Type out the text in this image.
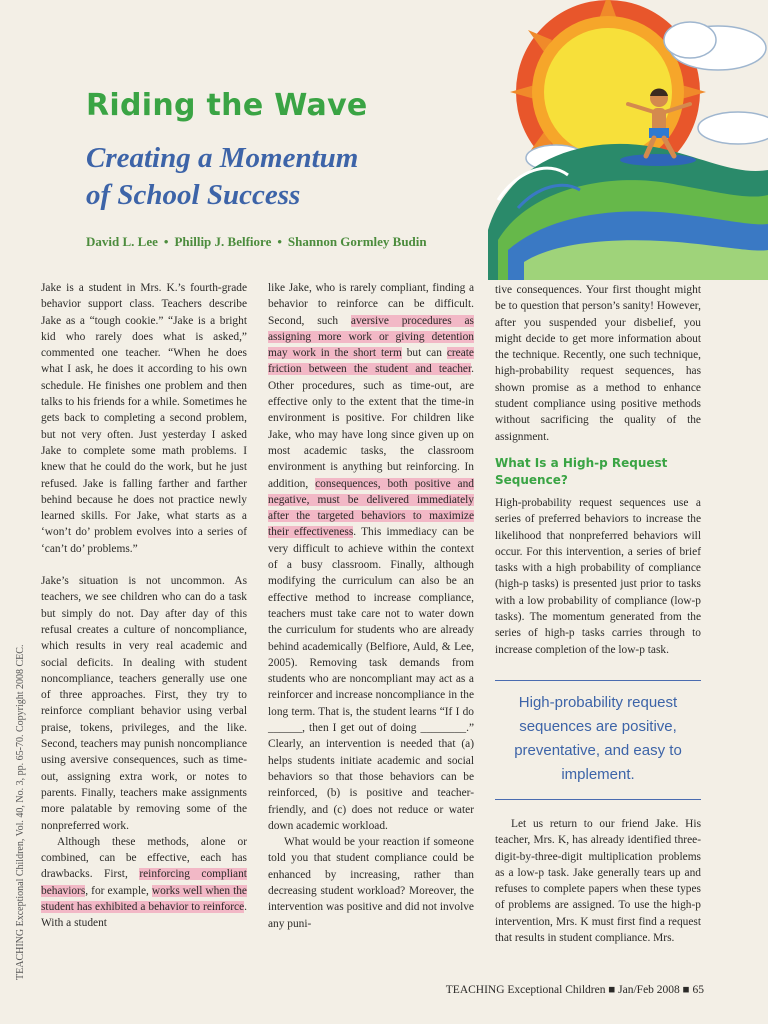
Riding the Wave
Creating a Momentum
of School Success

David L. Lee • Phillip J. Belfiore • Shannon Gormley Budin

TEACHING Exceptional Children, Vol. 40, No. 3, pp. 65-70. Copyright 2008 CEC.

Jake is a student in Mrs. K.’s fourth-grade behavior support class. Teachers describe Jake as a “tough cookie.” “Jake is a bright kid who rarely does what is asked,” commented one teacher. “When he does what I ask, he does it according to his own schedule. He finishes one problem and then talks to his friends for a while. Sometimes he gets back to completing a second problem, but not very often. Just yesterday I asked Jake to complete some math problems. I knew that he could do the work, but he just refused. Jake is falling farther and farther behind because he does not practice newly learned skills. For Jake, what starts as a ‘won’t do’ problem evolves into a series of ‘can’t do’ problems.”

Jake’s situation is not uncommon. As teachers, we see children who can do a task but simply do not. Day after day of this refusal creates a culture of noncompliance, which results in very real academic and social deficits. In dealing with student noncompliance, teachers generally use one of three approaches. First, they try to reinforce compliant behavior using verbal praise, tokens, privileges, and the like. Second, teachers may punish noncompliance using aversive consequences, such as time-out, assigning extra work, or notes to parents. Finally, teachers make assignments more palatable by removing some of the nonpreferred work.

Although these methods, alone or combined, can be effective, each has drawbacks. First, reinforcing compliant behaviors, for example, works well when the student has exhibited a behavior to reinforce. With a student

like Jake, who is rarely compliant, finding a behavior to reinforce can be difficult. Second, such aversive procedures as assigning more work or giving detention may work in the short term but can create friction between the student and teacher. Other procedures, such as time-out, are effective only to the extent that the time-in environment is positive. For children like Jake, who may have long since given up on most academic tasks, the classroom environment is anything but reinforcing. In addition, consequences, both positive and negative, must be delivered immediately after the targeted behaviors to maximize their effectiveness. This immediacy can be very difficult to achieve within the context of a busy classroom. Finally, although modifying the curriculum can also be an effective method to increase compliance, teachers must take care not to water down the curriculum for students who are already behind academically (Belfiore, Auld, & Lee, 2005). Removing task demands from students who are noncompliant may act as a reinforcer and increase noncompliance in the long term. That is, the student learns “If I do ______, then I get out of doing ________.” Clearly, an intervention is needed that (a) helps students initiate academic and social behaviors so that those behaviors can be reinforced, (b) is positive and teacher-friendly, and (c) does not reduce or water down academic workload.

What would be your reaction if someone told you that student compliance could be enhanced by increasing, rather than decreasing student workload? Moreover, the intervention was positive and did not involve any puni-

tive consequences. Your first thought might be to question that person’s sanity! However, after you suspended your disbelief, you might decide to get more information about the technique. Recently, one such technique, high-probability request sequences, has shown promise as a method to enhance student compliance using positive methods without sacrificing the quality of the assignment.

What Is a High-p Request Sequence?

High-probability request sequences use a series of preferred behaviors to increase the likelihood that nonpreferred behaviors will occur. For this intervention, a series of brief tasks with a high probability of compliance (high-p tasks) is presented just prior to tasks with a low probability of compliance (low-p tasks). The momentum generated from the series of high-p tasks carries through to increase completion of the low-p task.

High-probability request sequences are positive, preventative, and easy to implement.

Let us return to our friend Jake. His teacher, Mrs. K, has already identified three-digit-by-three-digit multiplication problems as a low-p task. Jake generally tears up and refuses to complete papers when these types of problems are assigned. To use the high-p intervention, Mrs. K must first find a request that results in student compliance. Mrs.

TEACHING Exceptional Children ■ Jan/Feb 2008 ■ 65
